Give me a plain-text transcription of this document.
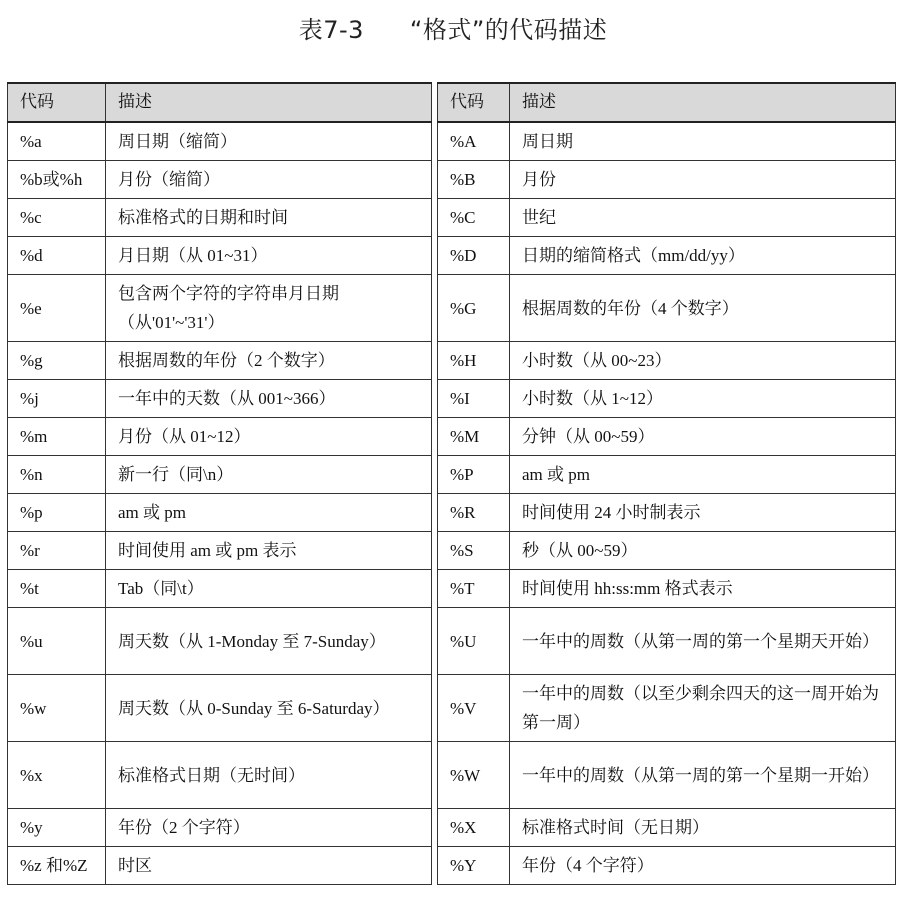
表7-3 “格式”的代码描述
代码	描述		代码	描述
%a	周日期（缩简）		%A	周日期
%b或%h	月份（缩简）		%B	月份
%c	标准格式的日期和时间		%C	世纪
%d	月日期（从 01~31）		%D	日期的缩简格式（mm/dd/yy）
%e	包含两个字符的字符串月日期（从'01'~'31'）		%G	根据周数的年份（4 个数字）
%g	根据周数的年份（2 个数字）		%H	小时数（从 00~23）
%j	一年中的天数（从 001~366）		%I	小时数（从 1~12）
%m	月份（从 01~12）		%M	分钟（从 00~59）
%n	新一行（同\n）		%P	am 或 pm
%p	am 或 pm		%R	时间使用 24 小时制表示
%r	时间使用 am 或 pm 表示		%S	秒（从 00~59）
%t	Tab（同\t）		%T	时间使用 hh:ss:mm 格式表示
%u	周天数（从 1-Monday 至 7-Sunday）		%U	一年中的周数（从第一周的第一个星期天开始）
%w	周天数（从 0-Sunday 至 6-Saturday）		%V	一年中的周数（以至少剩余四天的这一周开始为第一周）
%x	标准格式日期（无时间）		%W	一年中的周数（从第一周的第一个星期一开始）
%y	年份（2 个字符）		%X	标准格式时间（无日期）
%z 和%Z	时区		%Y	年份（4 个字符）
